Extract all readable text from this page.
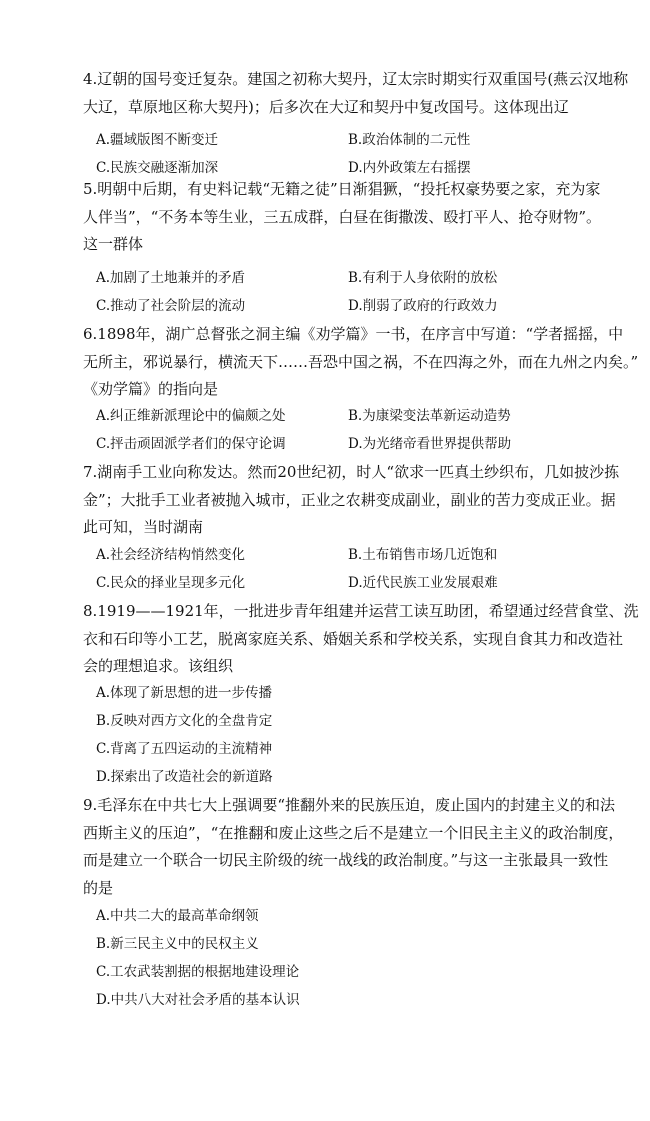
4.辽朝的国号变迁复杂。建国之初称大契丹，辽太宗时期实行双重国号(燕云汉地称
大辽，草原地区称大契丹)；后多次在大辽和契丹中复改国号。这体现出辽
A.疆域版图不断变迁	B.政治体制的二元性
C.民族交融逐渐加深	D.内外政策左右摇摆
5.明朝中后期，有史料记载“无籍之徒”日渐猖獗，“投托权豪势要之家，充为家
人伴当”，“不务本等生业，三五成群，白昼在街撒泼、殴打平人、抢夺财物”。
这一群体
A.加剧了土地兼并的矛盾	B.有利于人身依附的放松
C.推动了社会阶层的流动	D.削弱了政府的行政效力
6.1898年，湖广总督张之洞主编《劝学篇》一书，在序言中写道：“学者摇摇，中
无所主，邪说暴行，横流天下……吾恐中国之祸，不在四海之外，而在九州之内矣。”
《劝学篇》的指向是
A.纠正维新派理论中的偏颇之处	B.为康梁变法革新运动造势
C.抨击顽固派学者们的保守论调	D.为光绪帝看世界提供帮助
7.湖南手工业向称发达。然而20世纪初，时人“欲求一匹真土纱织布，几如披沙拣
金”；大批手工业者被抛入城市，正业之农耕变成副业，副业的苦力变成正业。据
此可知，当时湖南
A.社会经济结构悄然变化	B.土布销售市场几近饱和
C.民众的择业呈现多元化	D.近代民族工业发展艰难
8.1919——1921年，一批进步青年组建并运营工读互助团，希望通过经营食堂、洗
衣和石印等小工艺，脱离家庭关系、婚姻关系和学校关系，实现自食其力和改造社
会的理想追求。该组织
A.体现了新思想的进一步传播
B.反映对西方文化的全盘肯定
C.背离了五四运动的主流精神
D.探索出了改造社会的新道路
9.毛泽东在中共七大上强调要“推翻外来的民族压迫，废止国内的封建主义的和法
西斯主义的压迫”，“在推翻和废止这些之后不是建立一个旧民主主义的政治制度，
而是建立一个联合一切民主阶级的统一战线的政治制度。”与这一主张最具一致性
的是
A.中共二大的最高革命纲领
B.新三民主义中的民权主义
C.工农武装割据的根据地建设理论
D.中共八大对社会矛盾的基本认识
